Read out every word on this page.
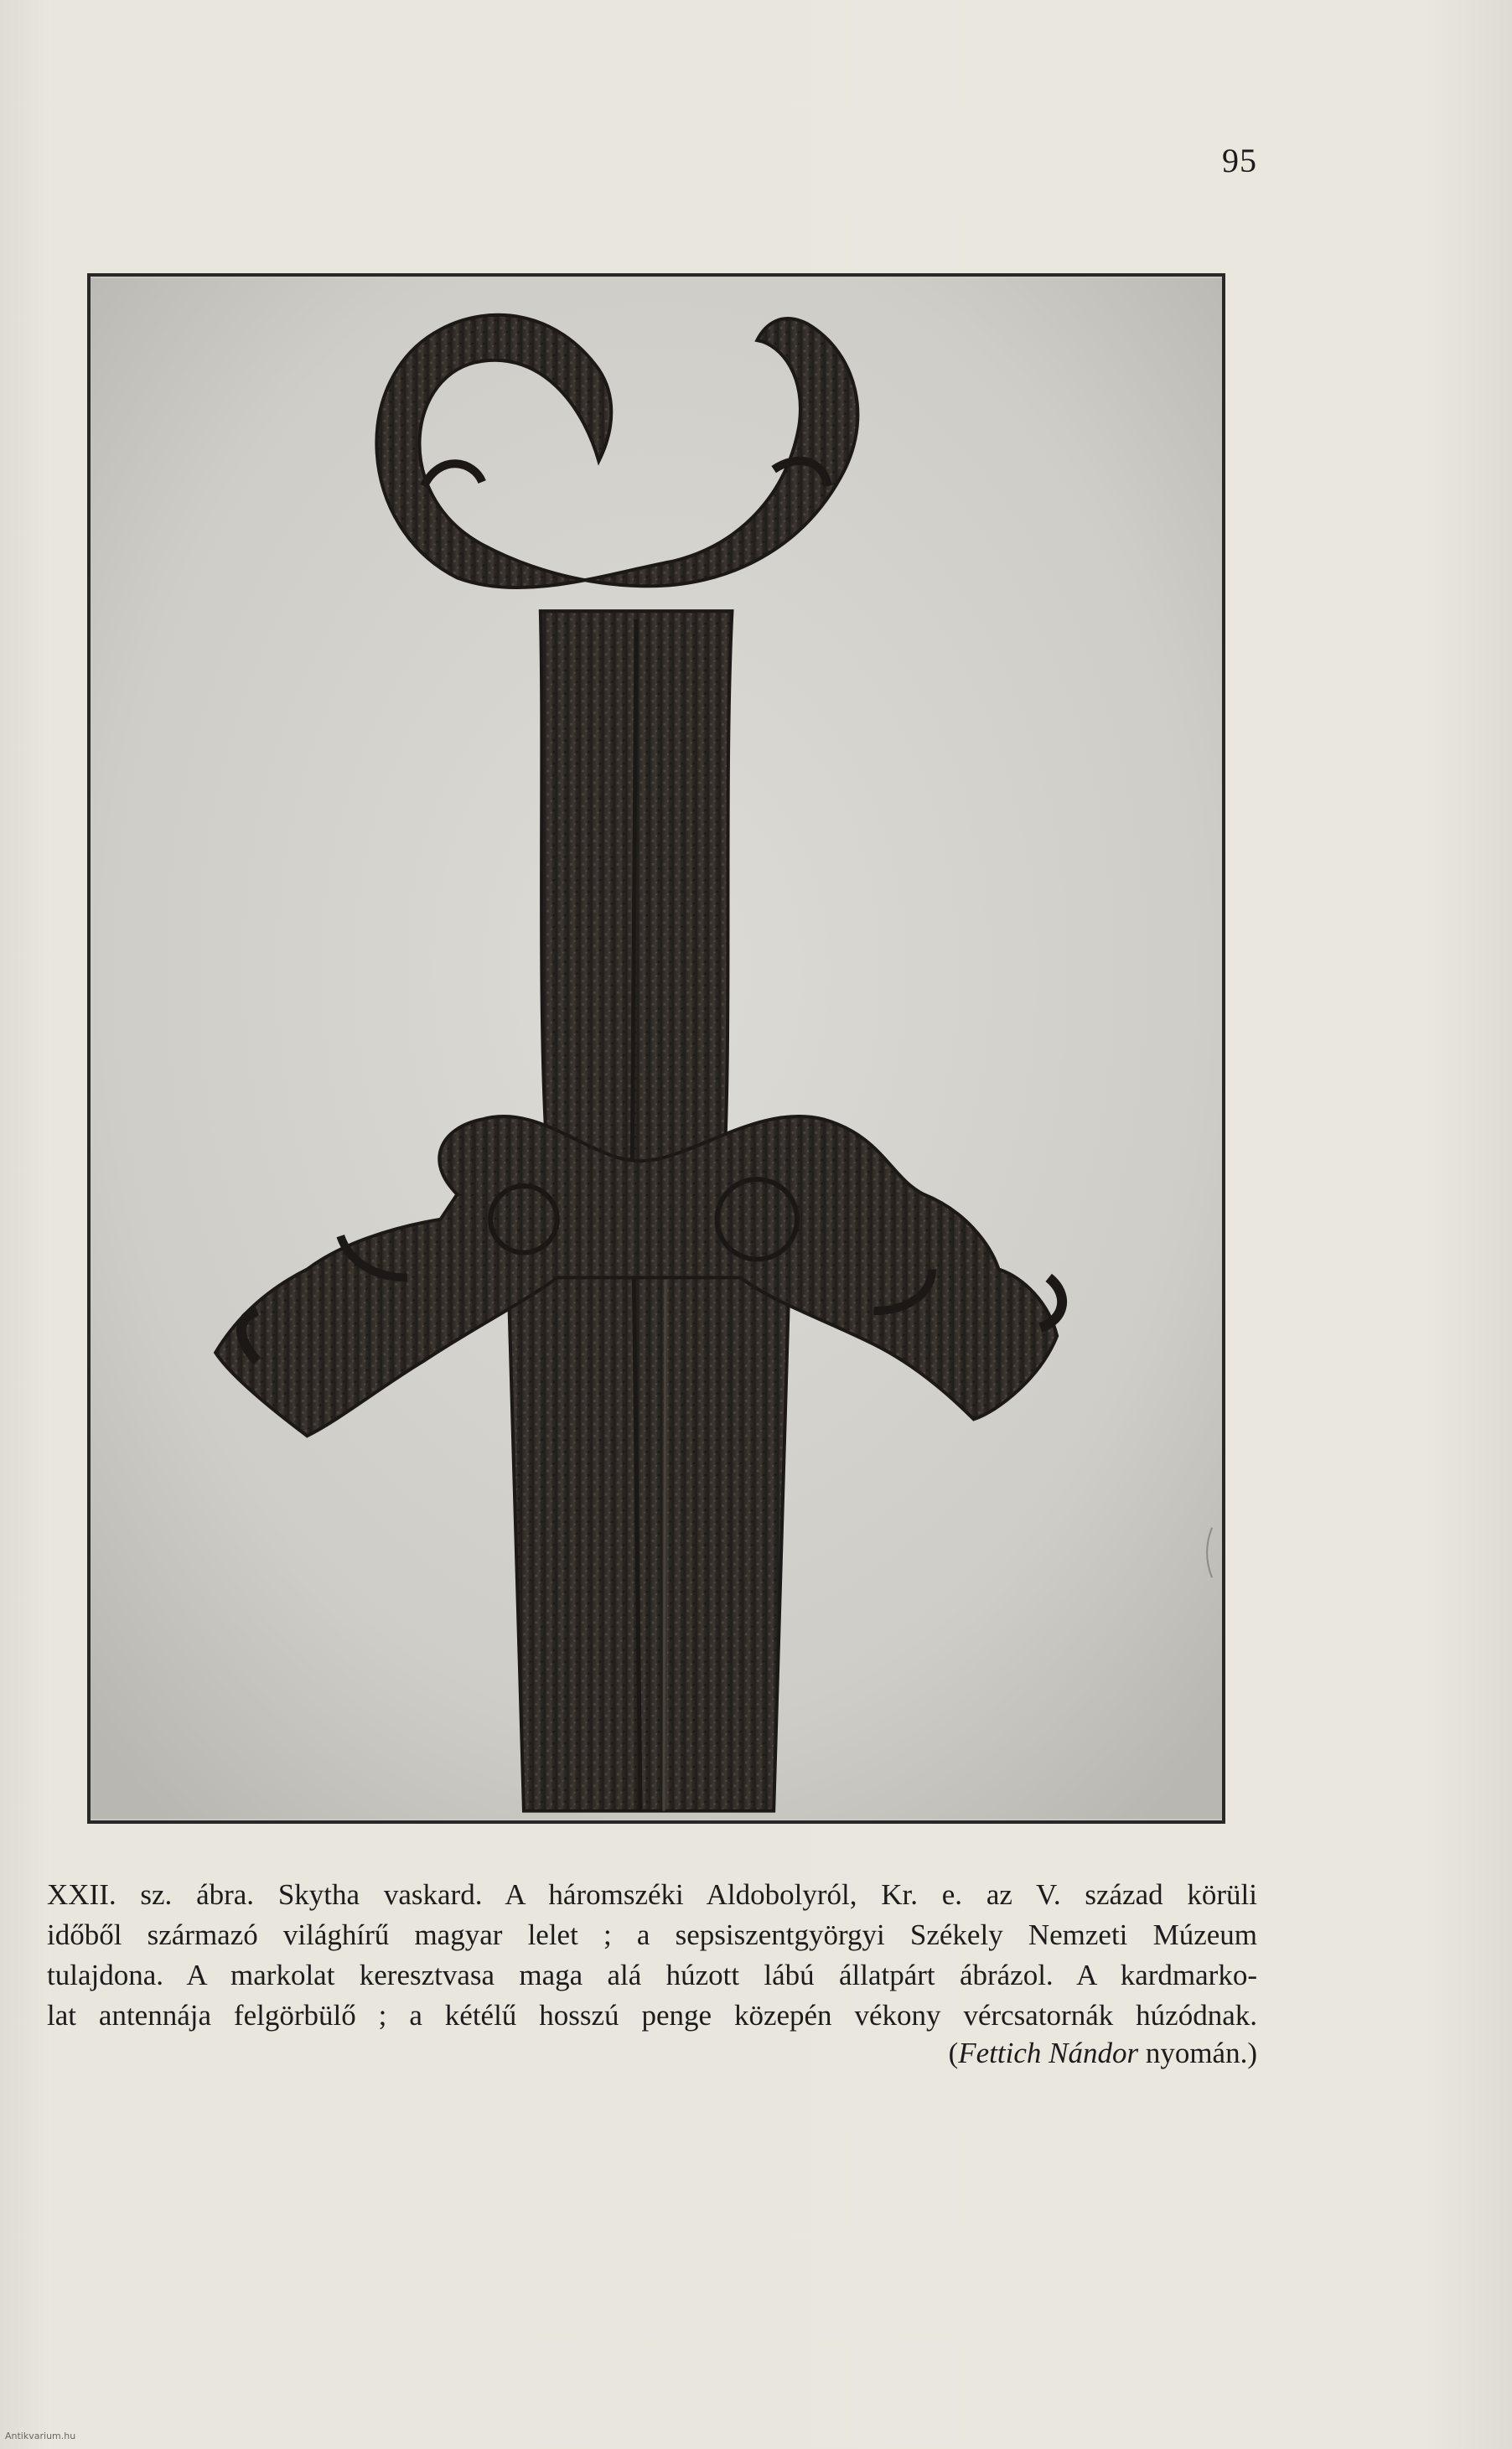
95
XXII. sz. ábra. Skytha vaskard. A háromszéki Aldobolyról, Kr. e. az V. század körüli
időből származó világhírű magyar lelet ; a sepsiszentgyörgyi Székely Nemzeti Múzeum
tulajdona. A markolat keresztvasa maga alá húzott lábú állatpárt ábrázol. A kardmarko-
lat antennája felgörbülő ; a kétélű hosszú penge közepén vékony vércsatornák húzódnak.
(Fettich Nándor nyomán.)
Antikvarium.hu
